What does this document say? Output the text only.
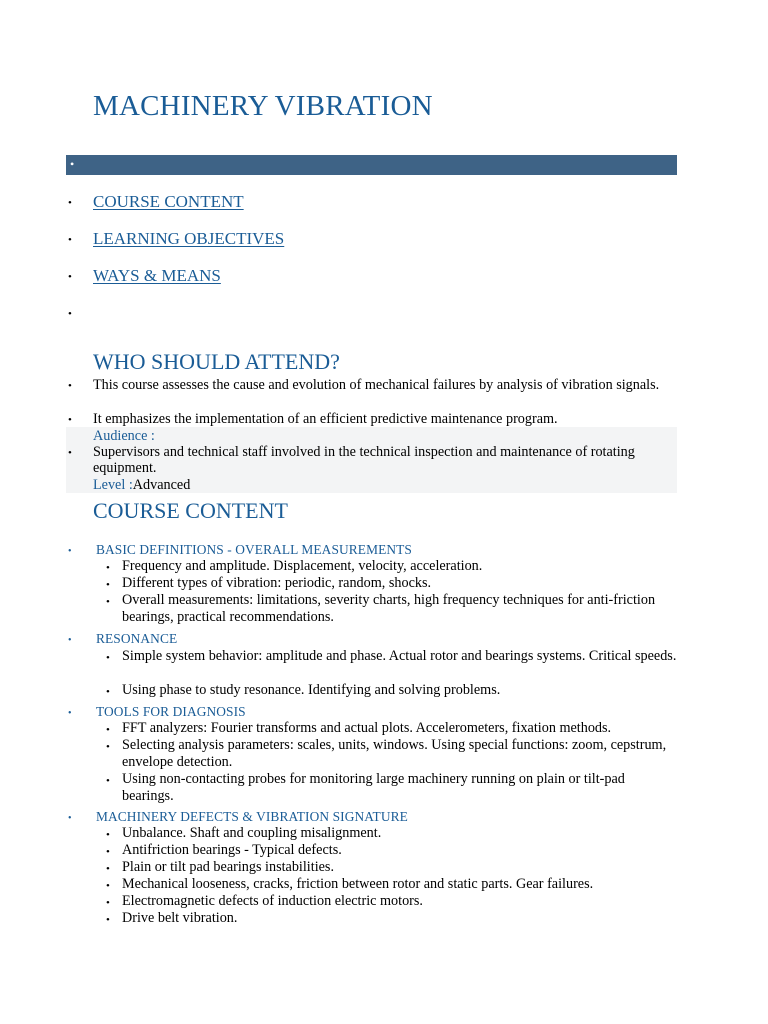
MACHINERY VIBRATION
•
• COURSE CONTENT
• LEARNING OBJECTIVES
• WAYS & MEANS
•
WHO SHOULD ATTEND?
• This course assesses the cause and evolution of mechanical failures by analysis of vibration signals.
• It emphasizes the implementation of an efficient predictive maintenance program.
Audience :
• Supervisors and technical staff involved in the technical inspection and maintenance of rotating equipment.
Level :Advanced
COURSE CONTENT
• BASIC DEFINITIONS - OVERALL MEASUREMENTS
• Frequency and amplitude. Displacement, velocity, acceleration.
• Different types of vibration: periodic, random, shocks.
• Overall measurements: limitations, severity charts, high frequency techniques for anti-friction bearings, practical recommendations.
• RESONANCE
• Simple system behavior: amplitude and phase. Actual rotor and bearings systems. Critical speeds.
• Using phase to study resonance. Identifying and solving problems.
• TOOLS FOR DIAGNOSIS
• FFT analyzers: Fourier transforms and actual plots. Accelerometers, fixation methods.
• Selecting analysis parameters: scales, units, windows. Using special functions: zoom, cepstrum, envelope detection.
• Using non-contacting probes for monitoring large machinery running on plain or tilt-pad bearings.
• MACHINERY DEFECTS & VIBRATION SIGNATURE
• Unbalance. Shaft and coupling misalignment.
• Antifriction bearings - Typical defects.
• Plain or tilt pad bearings instabilities.
• Mechanical looseness, cracks, friction between rotor and static parts. Gear failures.
• Electromagnetic defects of induction electric motors.
• Drive belt vibration.
